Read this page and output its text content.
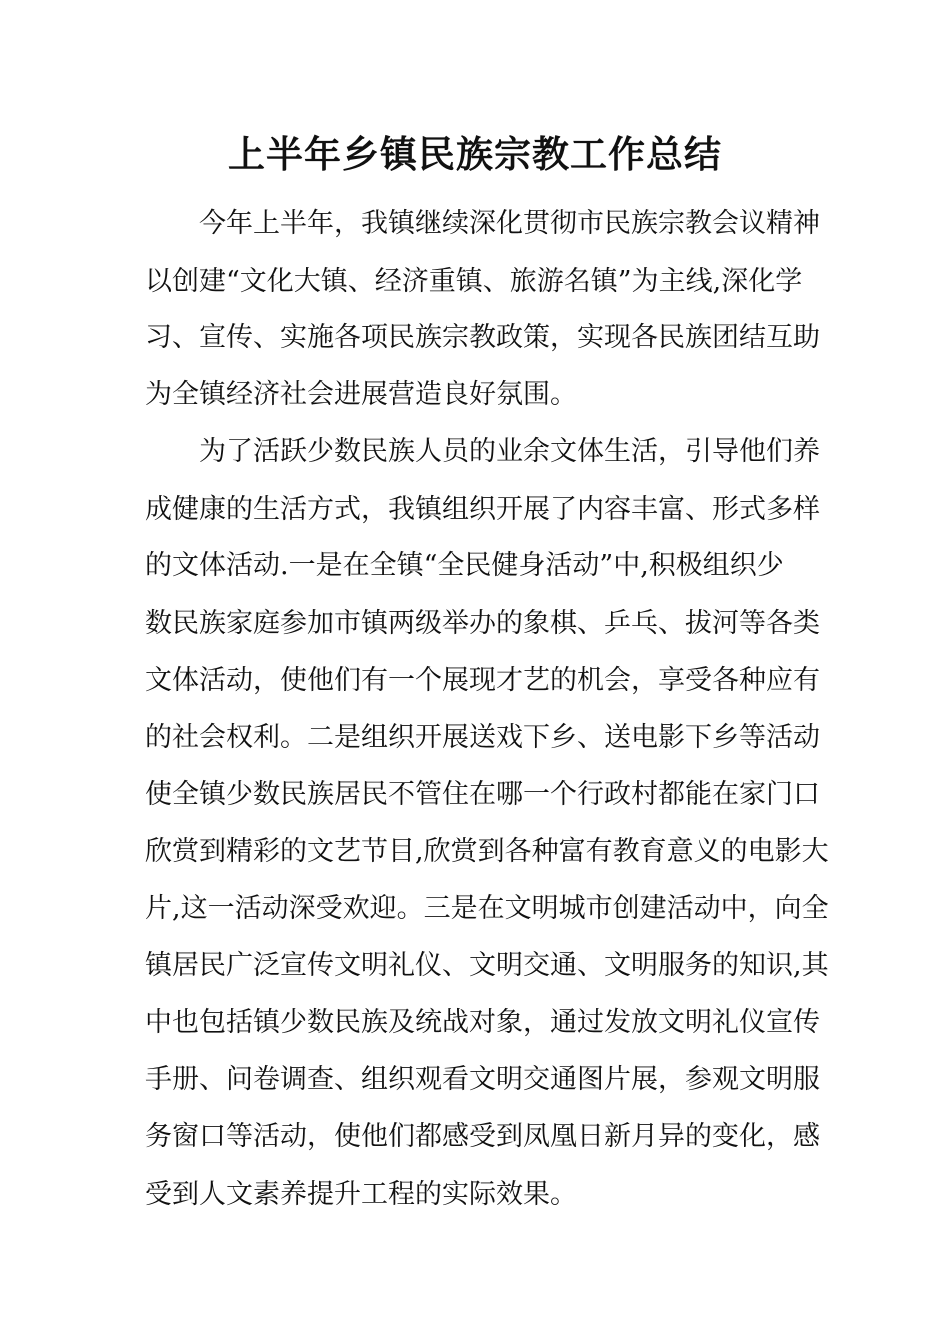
上半年乡镇民族宗教工作总结

今年上半年，我镇继续深化贯彻市民族宗教会议精神

以创建“文化大镇、经济重镇、旅游名镇”为主线,深化学

习、宣传、实施各项民族宗教政策，实现各民族团结互助

为全镇经济社会进展营造良好氛围。

为了活跃少数民族人员的业余文体生活，引导他们养

成健康的生活方式，我镇组织开展了内容丰富、形式多样

的文体活动.一是在全镇“全民健身活动”中,积极组织少

数民族家庭参加市镇两级举办的象棋、乒乓、拔河等各类

文体活动，使他们有一个展现才艺的机会，享受各种应有

的社会权利。二是组织开展送戏下乡、送电影下乡等活动

使全镇少数民族居民不管住在哪一个行政村都能在家门口

欣赏到精彩的文艺节目,欣赏到各种富有教育意义的电影大

片,这一活动深受欢迎。三是在文明城市创建活动中，向全

镇居民广泛宣传文明礼仪、文明交通、文明服务的知识,其

中也包括镇少数民族及统战对象，通过发放文明礼仪宣传

手册、问卷调查、组织观看文明交通图片展，参观文明服

务窗口等活动，使他们都感受到凤凰日新月异的变化，感

受到人文素养提升工程的实际效果。
